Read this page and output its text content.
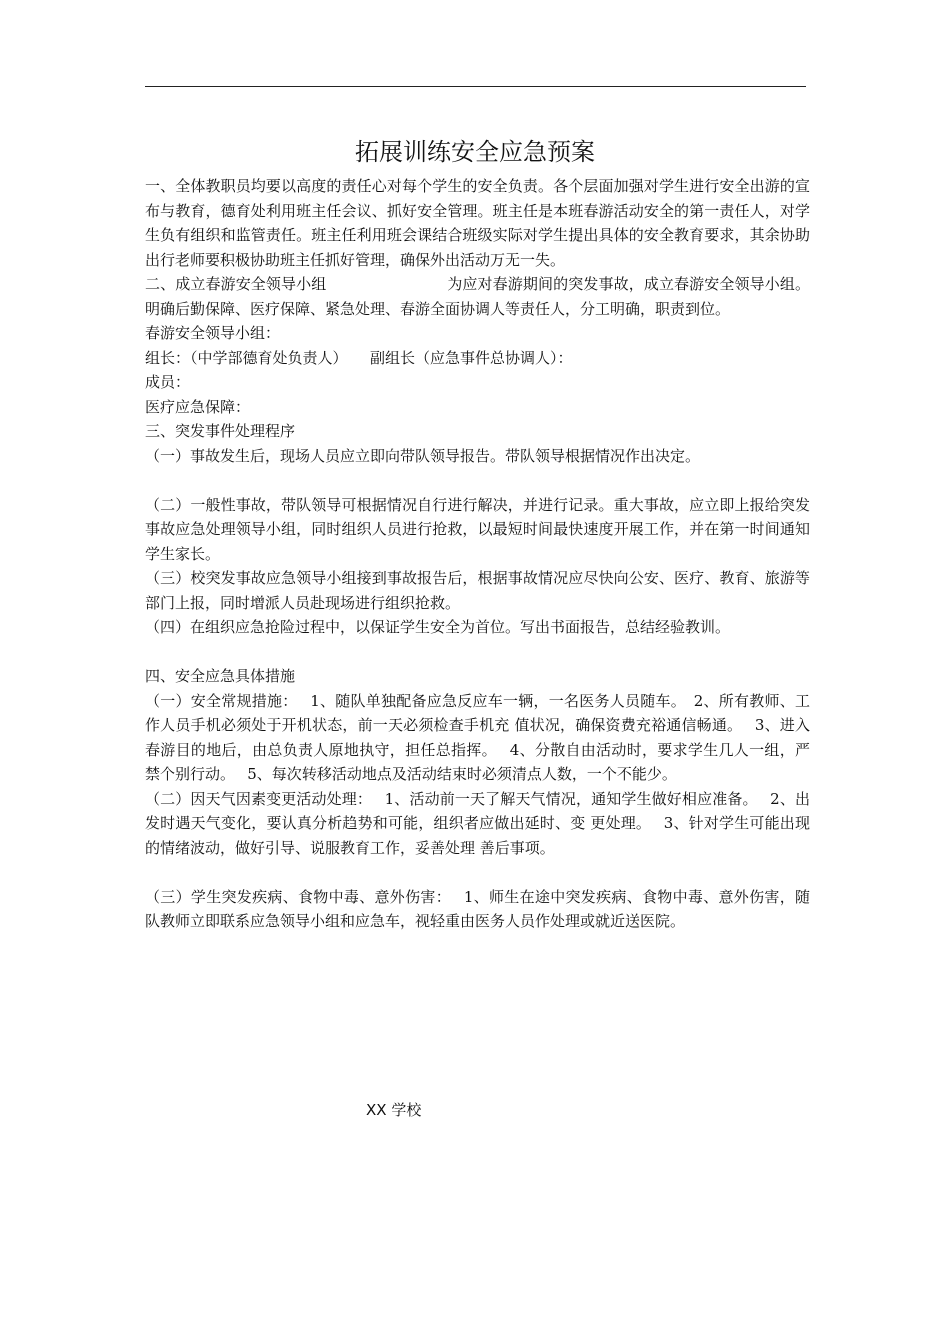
拓展训练安全应急预案

一、全体教职员均要以高度的责任心对每个学生的安全负责。各个层面加强对学生进行安全出游的宣布与教育，德育处利用班主任会议、抓好安全管理。班主任是本班春游活动安全的第一责任人，对学生负有组织和监管责任。班主任利用班会课结合班级实际对学生提出具体的安全教育要求，其余协助出行老师要积极协助班主任抓好管理，确保外出活动万无一失。

二、成立春游安全领导小组　　　　　　　　为应对春游期间的突发事故，成立春游安全领导小组。明确后勤保障、医疗保障、紧急处理、春游全面协调人等责任人，分工明确，职责到位。

春游安全领导小组：

组长：（中学部德育处负责人）　　副组长（应急事件总协调人）：

成员：

医疗应急保障：

三、突发事件处理程序

（一）事故发生后，现场人员应立即向带队领导报告。带队领导根据情况作出决定。

（二）一般性事故，带队领导可根据情况自行进行解决，并进行记录。重大事故，应立即上报给突发事故应急处理领导小组，同时组织人员进行抢救，以最短时间最快速度开展工作，并在第一时间通知学生家长。

（三）校突发事故应急领导小组接到事故报告后，根据事故情况应尽快向公安、医疗、教育、旅游等部门上报，同时增派人员赴现场进行组织抢救。

（四）在组织应急抢险过程中，以保证学生安全为首位。写出书面报告，总结经验教训。

四、安全应急具体措施

（一）安全常规措施：　 1、随队单独配备应急反应车一辆，一名医务人员随车。　2、所有教师、工作人员手机必须处于开机状态，前一天必须检查手机充 值状况，确保资费充裕通信畅通。　 3、进入春游目的地后，由总负责人原地执守，担任总指挥。　 4、分散自由活动时，要求学生几人一组，严禁个别行动。　 5、每次转移活动地点及活动结束时必须清点人数，一个不能少。

（二）因天气因素变更活动处理：　 1、活动前一天了解天气情况，通知学生做好相应准备。　 2、出发时遇天气变化，要认真分析趋势和可能，组织者应做出延时、变 更处理。　 3、针对学生可能出现的情绪波动，做好引导、说服教育工作，妥善处理 善后事项。

（三）学生突发疾病、食物中毒、意外伤害：　 1、师生在途中突发疾病、食物中毒、意外伤害，随队教师立即联系应急领导小组和应急车，视轻重由医务人员作处理或就近送医院。

XX 学校
